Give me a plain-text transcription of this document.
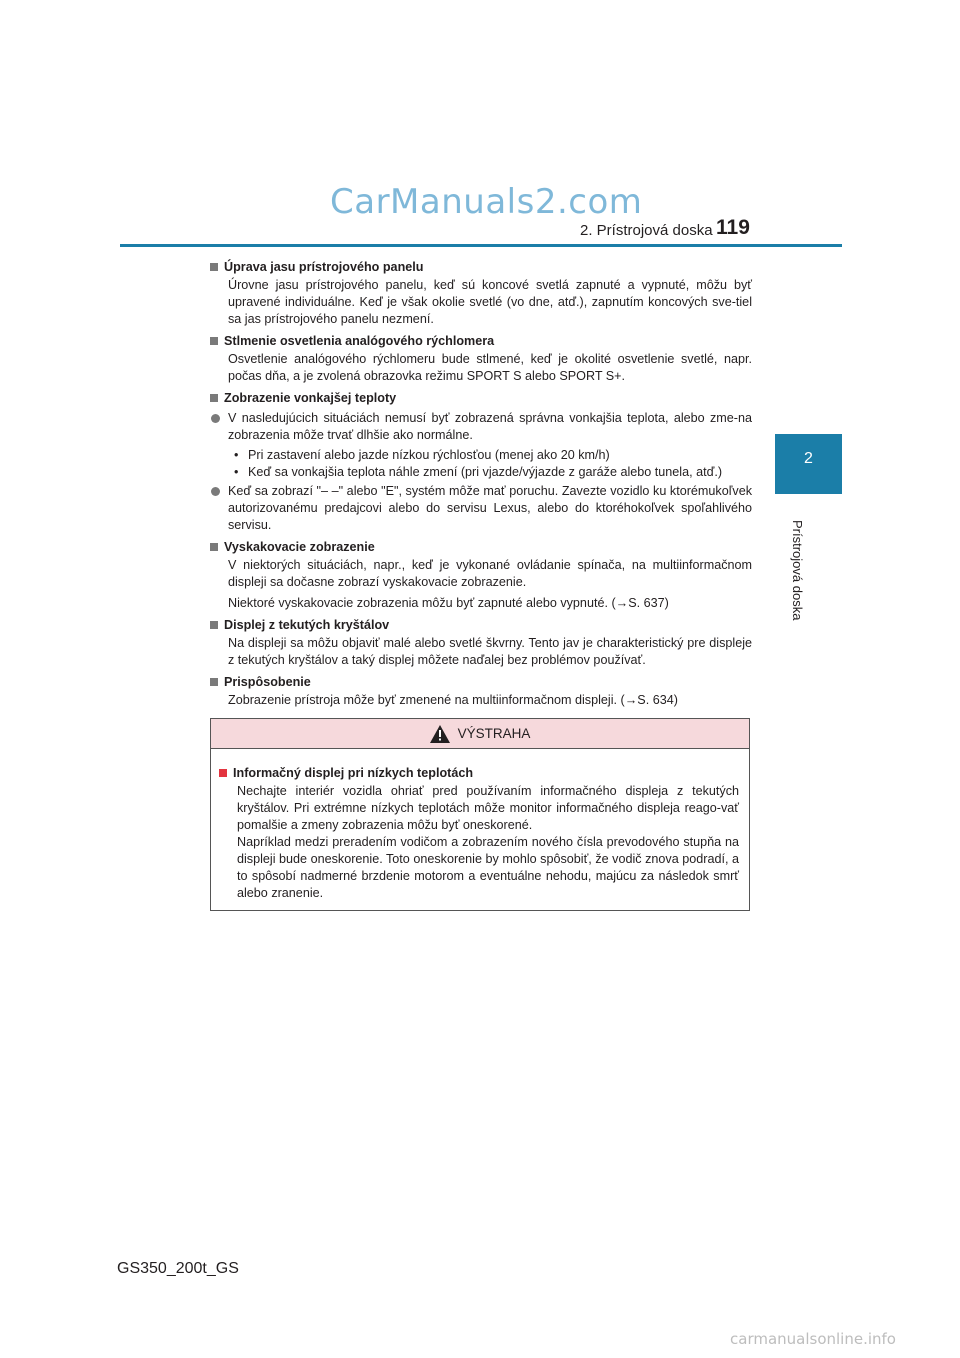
CarManuals2.com
2. Prístrojová doska 119
2
Prístrojová doska
Úprava jasu prístrojového panelu
Úrovne jasu prístrojového panelu, keď sú koncové svetlá zapnuté a vypnuté, môžu byť upravené individuálne. Keď je však okolie svetlé (vo dne, atď.), zapnutím koncových sve-tiel sa jas prístrojového panelu nezmení.
Stlmenie osvetlenia analógového rýchlomera
Osvetlenie analógového rýchlomeru bude stlmené, keď je okolité osvetlenie svetlé, napr. počas dňa, a je zvolená obrazovka režimu SPORT S alebo SPORT S+.
Zobrazenie vonkajšej teploty
V nasledujúcich situáciách nemusí byť zobrazená správna vonkajšia teplota, alebo zme-na zobrazenia môže trvať dlhšie ako normálne.
• Pri zastavení alebo jazde nízkou rýchlosťou (menej ako 20 km/h)
• Keď sa vonkajšia teplota náhle zmení (pri vjazde/výjazde z garáže alebo tunela, atď.)
Keď sa zobrazí "– –" alebo "E", systém môže mať poruchu. Zavezte vozidlo ku ktorémukoľvek autorizovanému predajcovi alebo do servisu Lexus, alebo do ktoréhokoľvek spoľahlivého servisu.
Vyskakovacie zobrazenie
V niektorých situáciách, napr., keď je vykonané ovládanie spínača, na multiinformačnom displeji sa dočasne zobrazí vyskakovacie zobrazenie.
Niektoré vyskakovacie zobrazenia môžu byť zapnuté alebo vypnuté. (→S. 637)
Displej z tekutých kryštálov
Na displeji sa môžu objaviť malé alebo svetlé škvrny. Tento jav je charakteristický pre displeje z tekutých kryštálov a taký displej môžete naďalej bez problémov používať.
Prispôsobenie
Zobrazenie prístroja môže byť zmenené na multiinformačnom displeji. (→S. 634)
VÝSTRAHA
Informačný displej pri nízkych teplotách
Nechajte interiér vozidla ohriať pred používaním informačného displeja z tekutých kryštálov. Pri extrémne nízkych teplotách môže monitor informačného displeja reago-vať pomalšie a zmeny zobrazenia môžu byť oneskorené.
Napríklad medzi preradením vodičom a zobrazením nového čísla prevodového stupňa na displeji bude oneskorenie. Toto oneskorenie by mohlo spôsobiť, že vodič znova podradí, a to spôsobí nadmerné brzdenie motorom a eventuálne nehodu, majúcu za následok smrť alebo zranenie.
GS350_200t_GS
carmanualsonline.info
